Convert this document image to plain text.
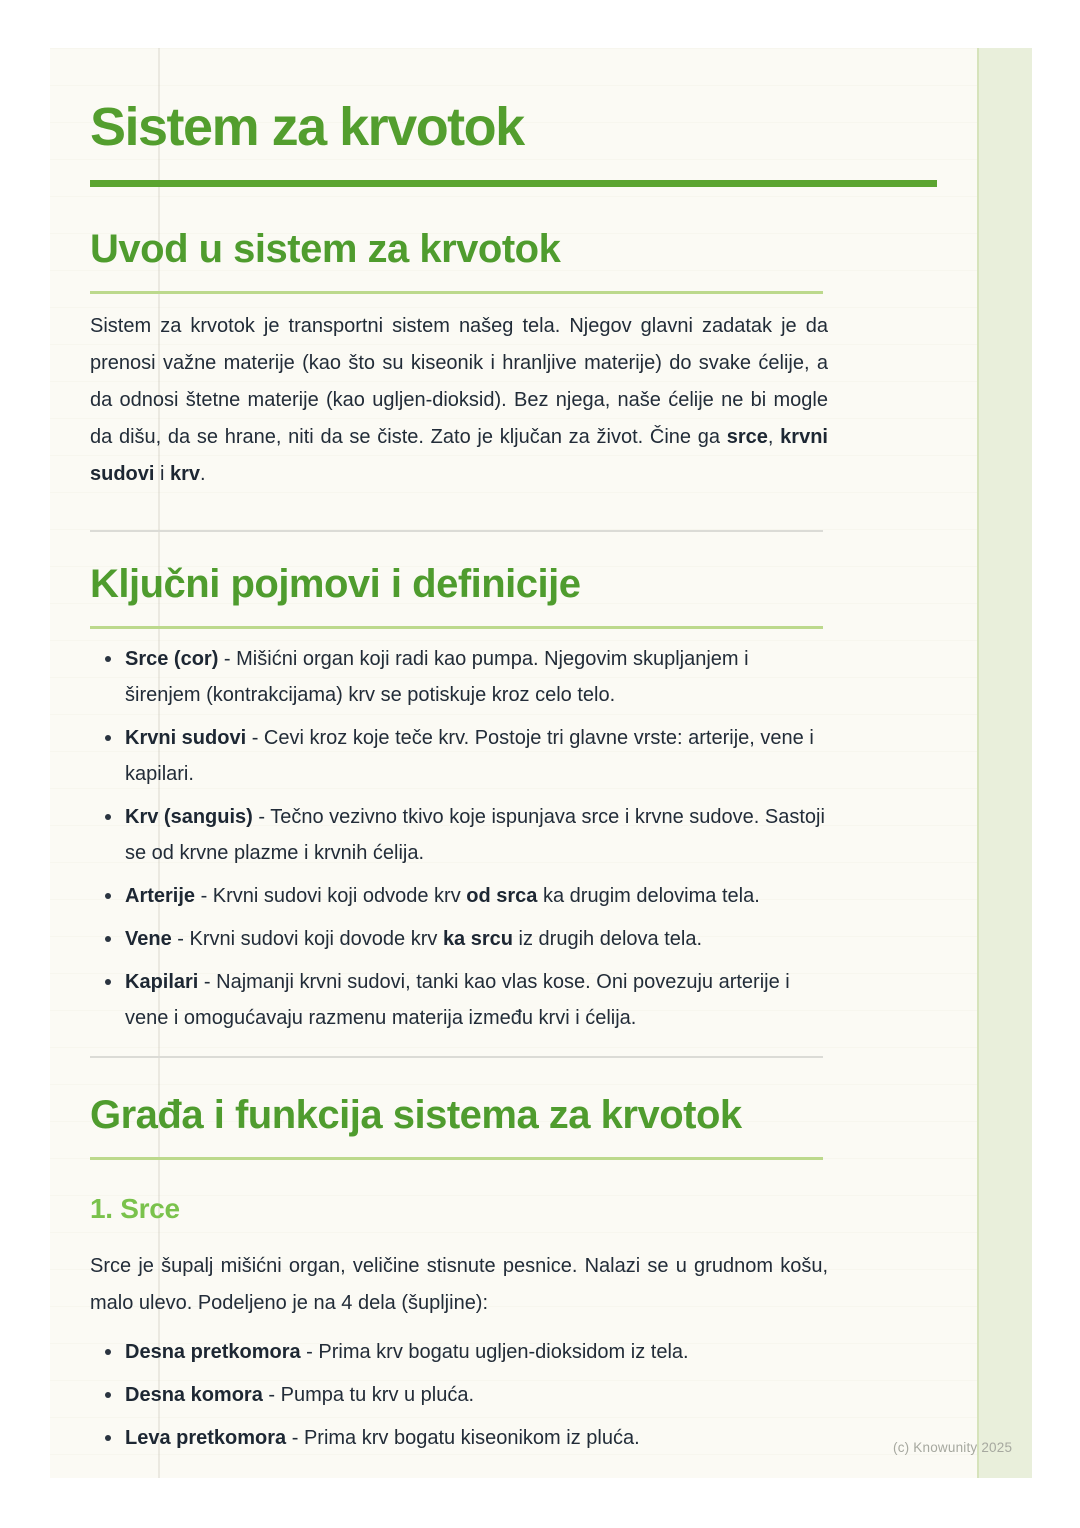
Sistem za krvotok
Uvod u sistem za krvotok

Sistem za krvotok je transportni sistem našeg tela. Njegov glavni zadatak je da prenosi važne materije (kao što su kiseonik i hranljive materije) do svake ćelije, a da odnosi štetne materije (kao ugljen-dioksid). Bez njega, naše ćelije ne bi mogle da dišu, da se hrane, niti da se čiste. Zato je ključan za život. Čine ga srce, krvni sudovi i krv.

Ključni pojmovi i definicije
Srce (cor) - Mišićni organ koji radi kao pumpa. Njegovim skupljanjem i širenjem (kontrakcijama) krv se potiskuje kroz celo telo.
Krvni sudovi - Cevi kroz koje teče krv. Postoje tri glavne vrste: arterije, vene i kapilari.
Krv (sanguis) - Tečno vezivno tkivo koje ispunjava srce i krvne sudove. Sastoji se od krvne plazme i krvnih ćelija.
Arterije - Krvni sudovi koji odvode krv od srca ka drugim delovima tela.
Vene - Krvni sudovi koji dovode krv ka srcu iz drugih delova tela.
Kapilari - Najmanji krvni sudovi, tanki kao vlas kose. Oni povezuju arterije i vene i omogućavaju razmenu materija između krvi i ćelija.
Građa i funkcija sistema za krvotok
1. Srce

Srce je šupalj mišićni organ, veličine stisnute pesnice. Nalazi se u grudnom košu, malo ulevo. Podeljeno je na 4 dela (šupljine):

Desna pretkomora - Prima krv bogatu ugljen-dioksidom iz tela.
Desna komora - Pumpa tu krv u pluća.
Leva pretkomora - Prima krv bogatu kiseonikom iz pluća.	(c) Knowunity 2025
